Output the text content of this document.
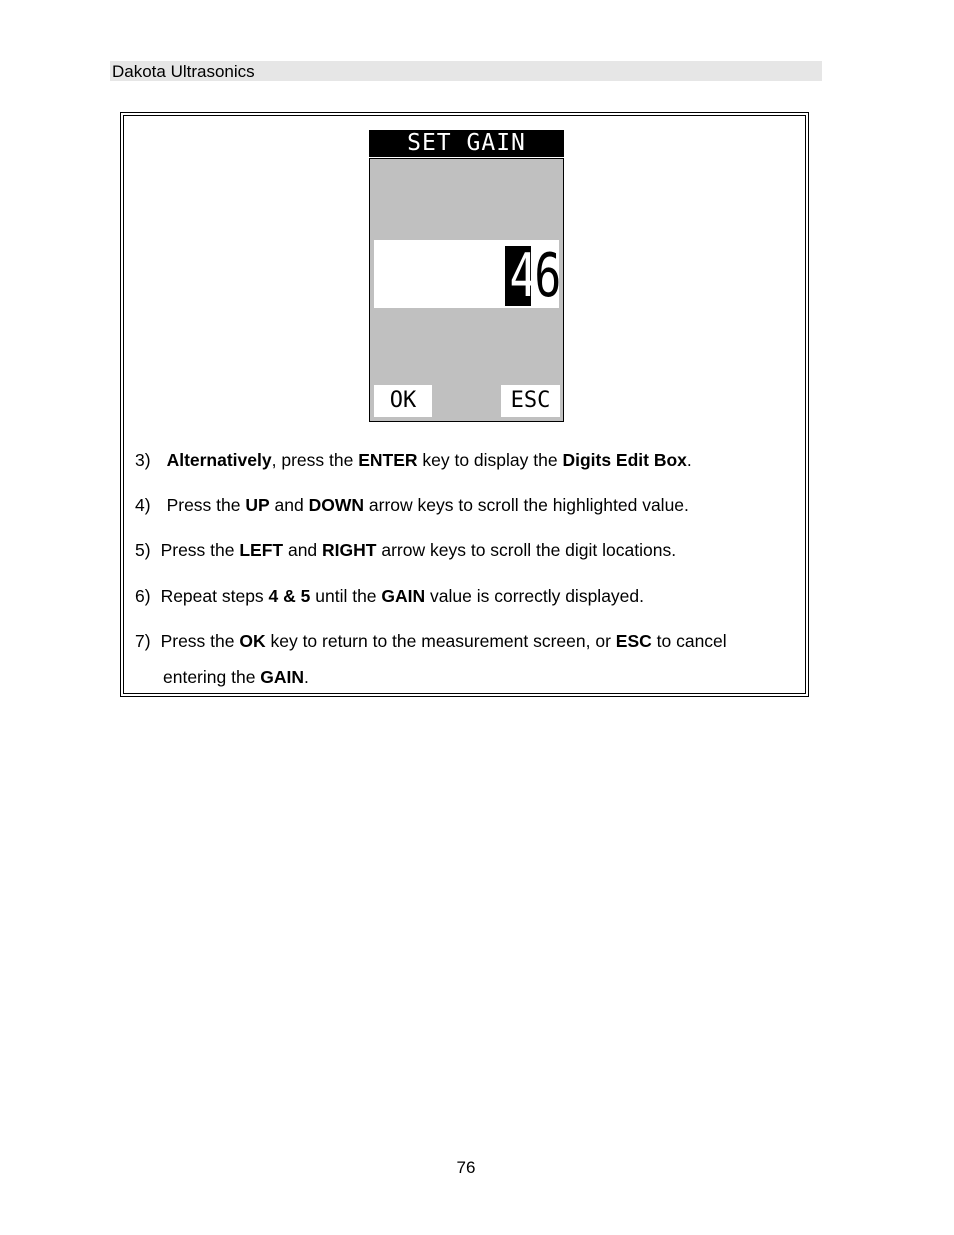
Dakota Ultrasonics
SET GAIN
4
6
OK	ESC
3) Alternatively, press the ENTER key to display the Digits Edit Box.
4) Press the UP and DOWN arrow keys to scroll the highlighted value.
5) Press the LEFT and RIGHT arrow keys to scroll the digit locations.
6) Repeat steps 4 & 5 until the GAIN value is correctly displayed.
7) Press the OK key to return to the measurement screen, or ESC to cancel
entering the GAIN.
76
